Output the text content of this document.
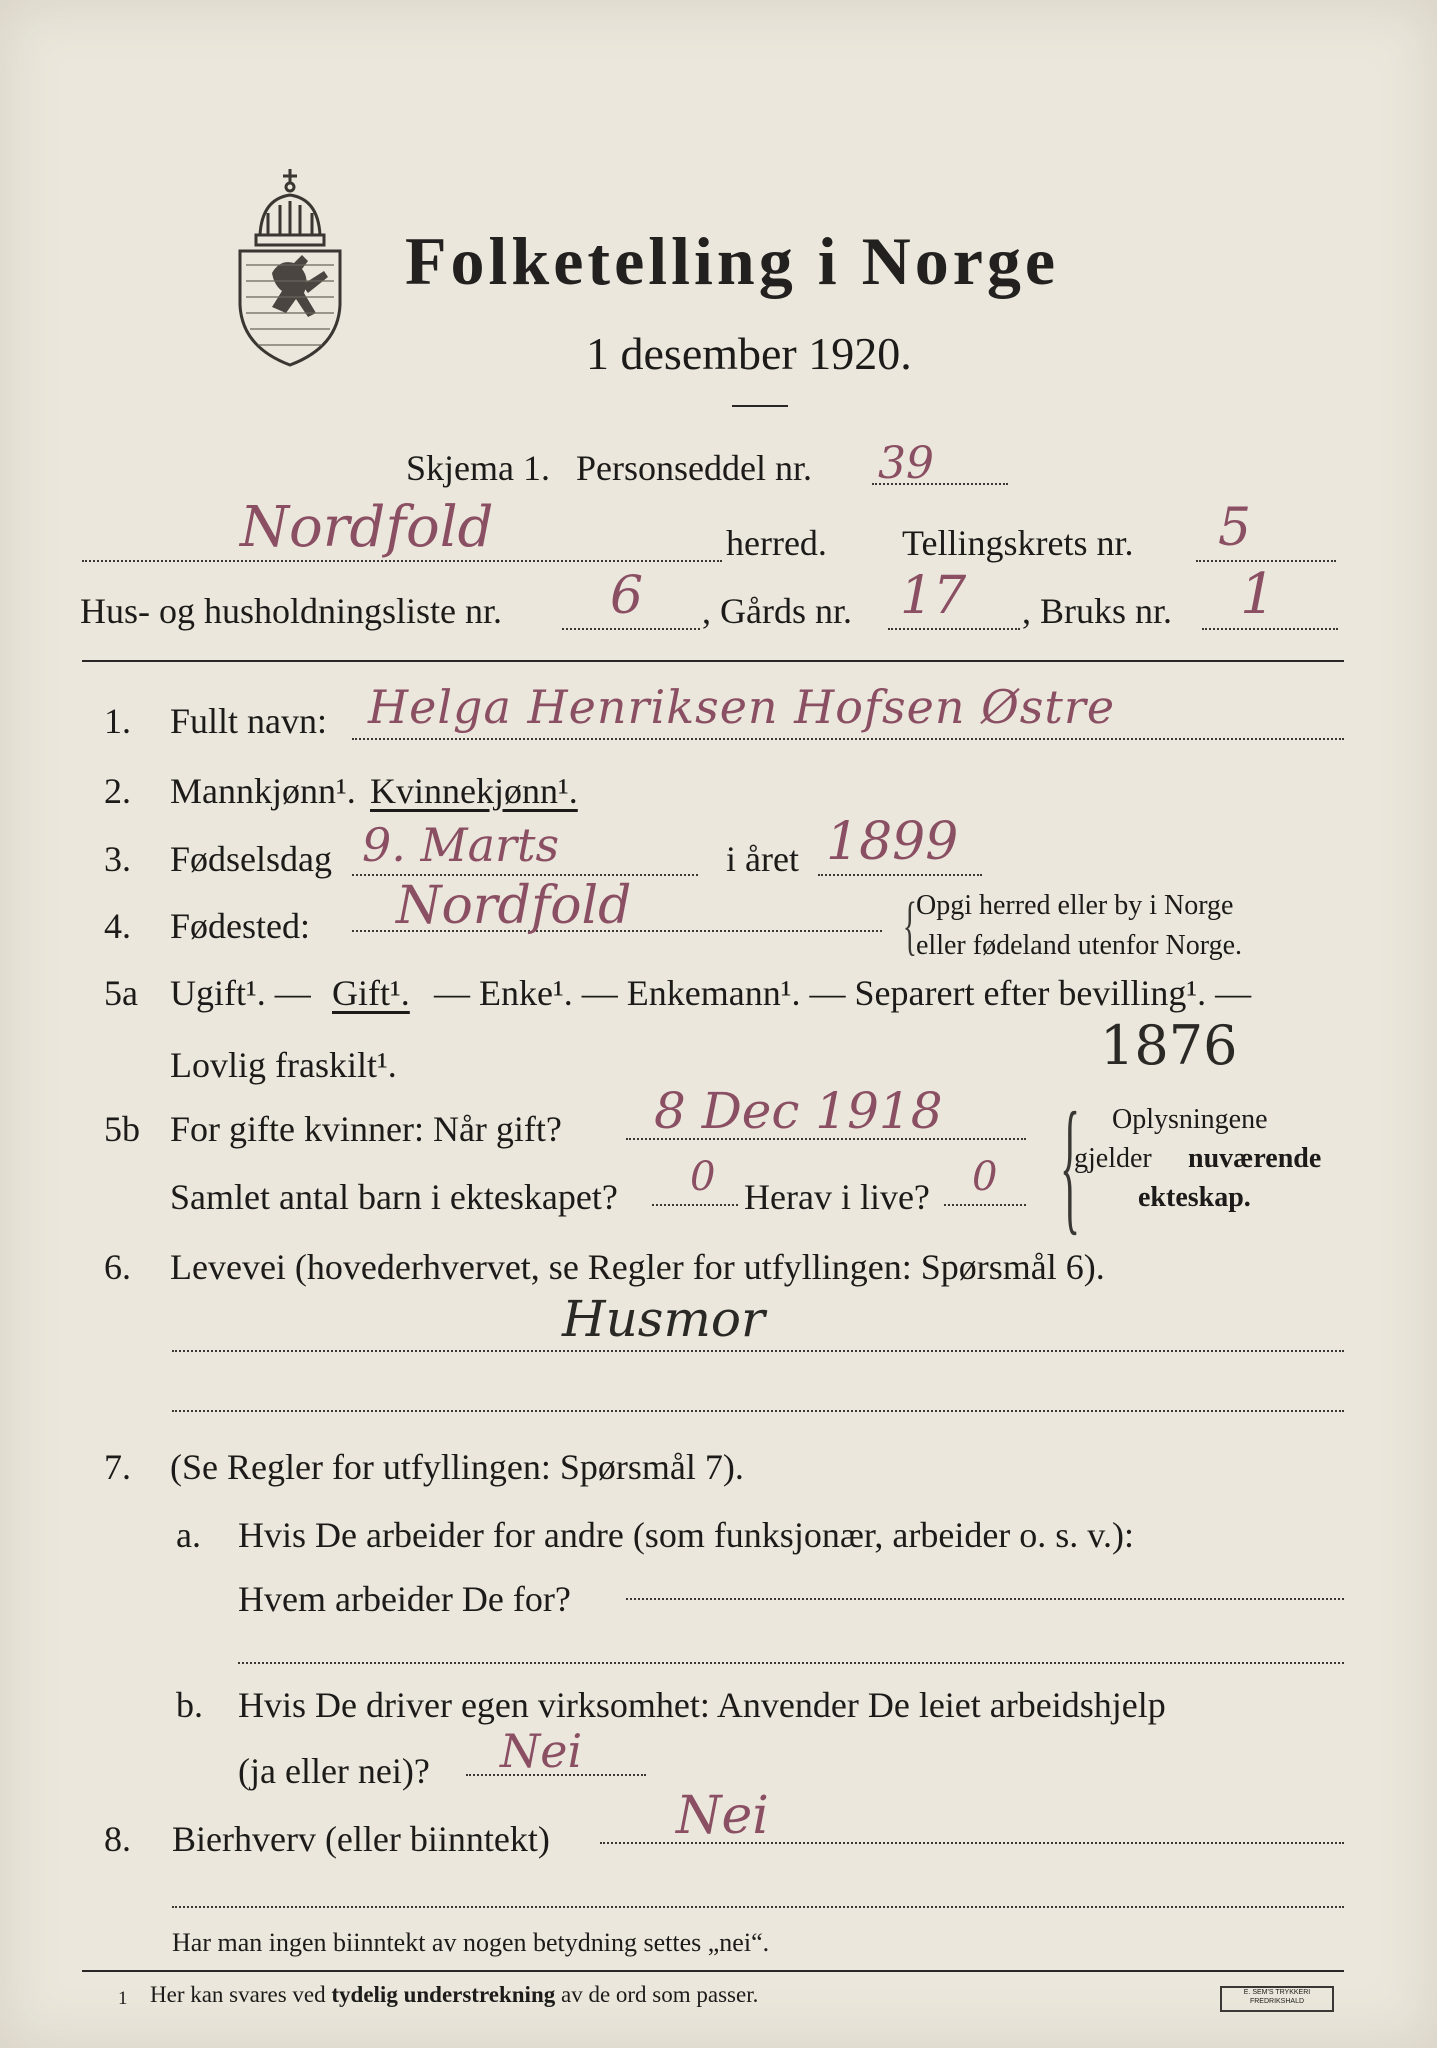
Folketelling i Norge
1 desember 1920.
Skjema 1. Personseddel nr. 39
Nordfold	herred. Tellingskrets nr. 5
Hus- og husholdningsliste nr. 6 , Gårds nr. 17 , Bruks nr. 1
1. Fullt navn: Helga Henriksen Hofsen Østre
2. Mannkjønn¹. Kvinnekjønn¹.
3. Fødselsdag 9. Marts	i året 1899
4. Fødested: Nordfold	{ Opgi herred eller by i Norge
eller fødeland utenfor Norge.
5a Ugift¹. — Gift¹. — Enke¹. — Enkemann¹. — Separert efter bevilling¹. —
Lovlig fraskilt¹.	1876
5b For gifte kvinner: Når gift? 8 Dec 1918
Samlet antal barn i ekteskapet? 0 Herav i live? 0 { Oplysningene
gjelder nuværende
ekteskap.
6. Levevei (hovederhvervet, se Regler for utfyllingen: Spørsmål 6).
Husmor
7. (Se Regler for utfyllingen: Spørsmål 7).
a. Hvis De arbeider for andre (som funksjonær, arbeider o. s. v.):
Hvem arbeider De for?
b. Hvis De driver egen virksomhet: Anvender De leiet arbeidshjelp
(ja eller nei)? Nei
8. Bierhverv (eller biinntekt) Nei
Har man ingen biinntekt av nogen betydning settes „nei“.
1 Her kan svares ved tydelig understrekning av de ord som passer.	E. SEM'S TRYKKERI FREDRIKSHALD
